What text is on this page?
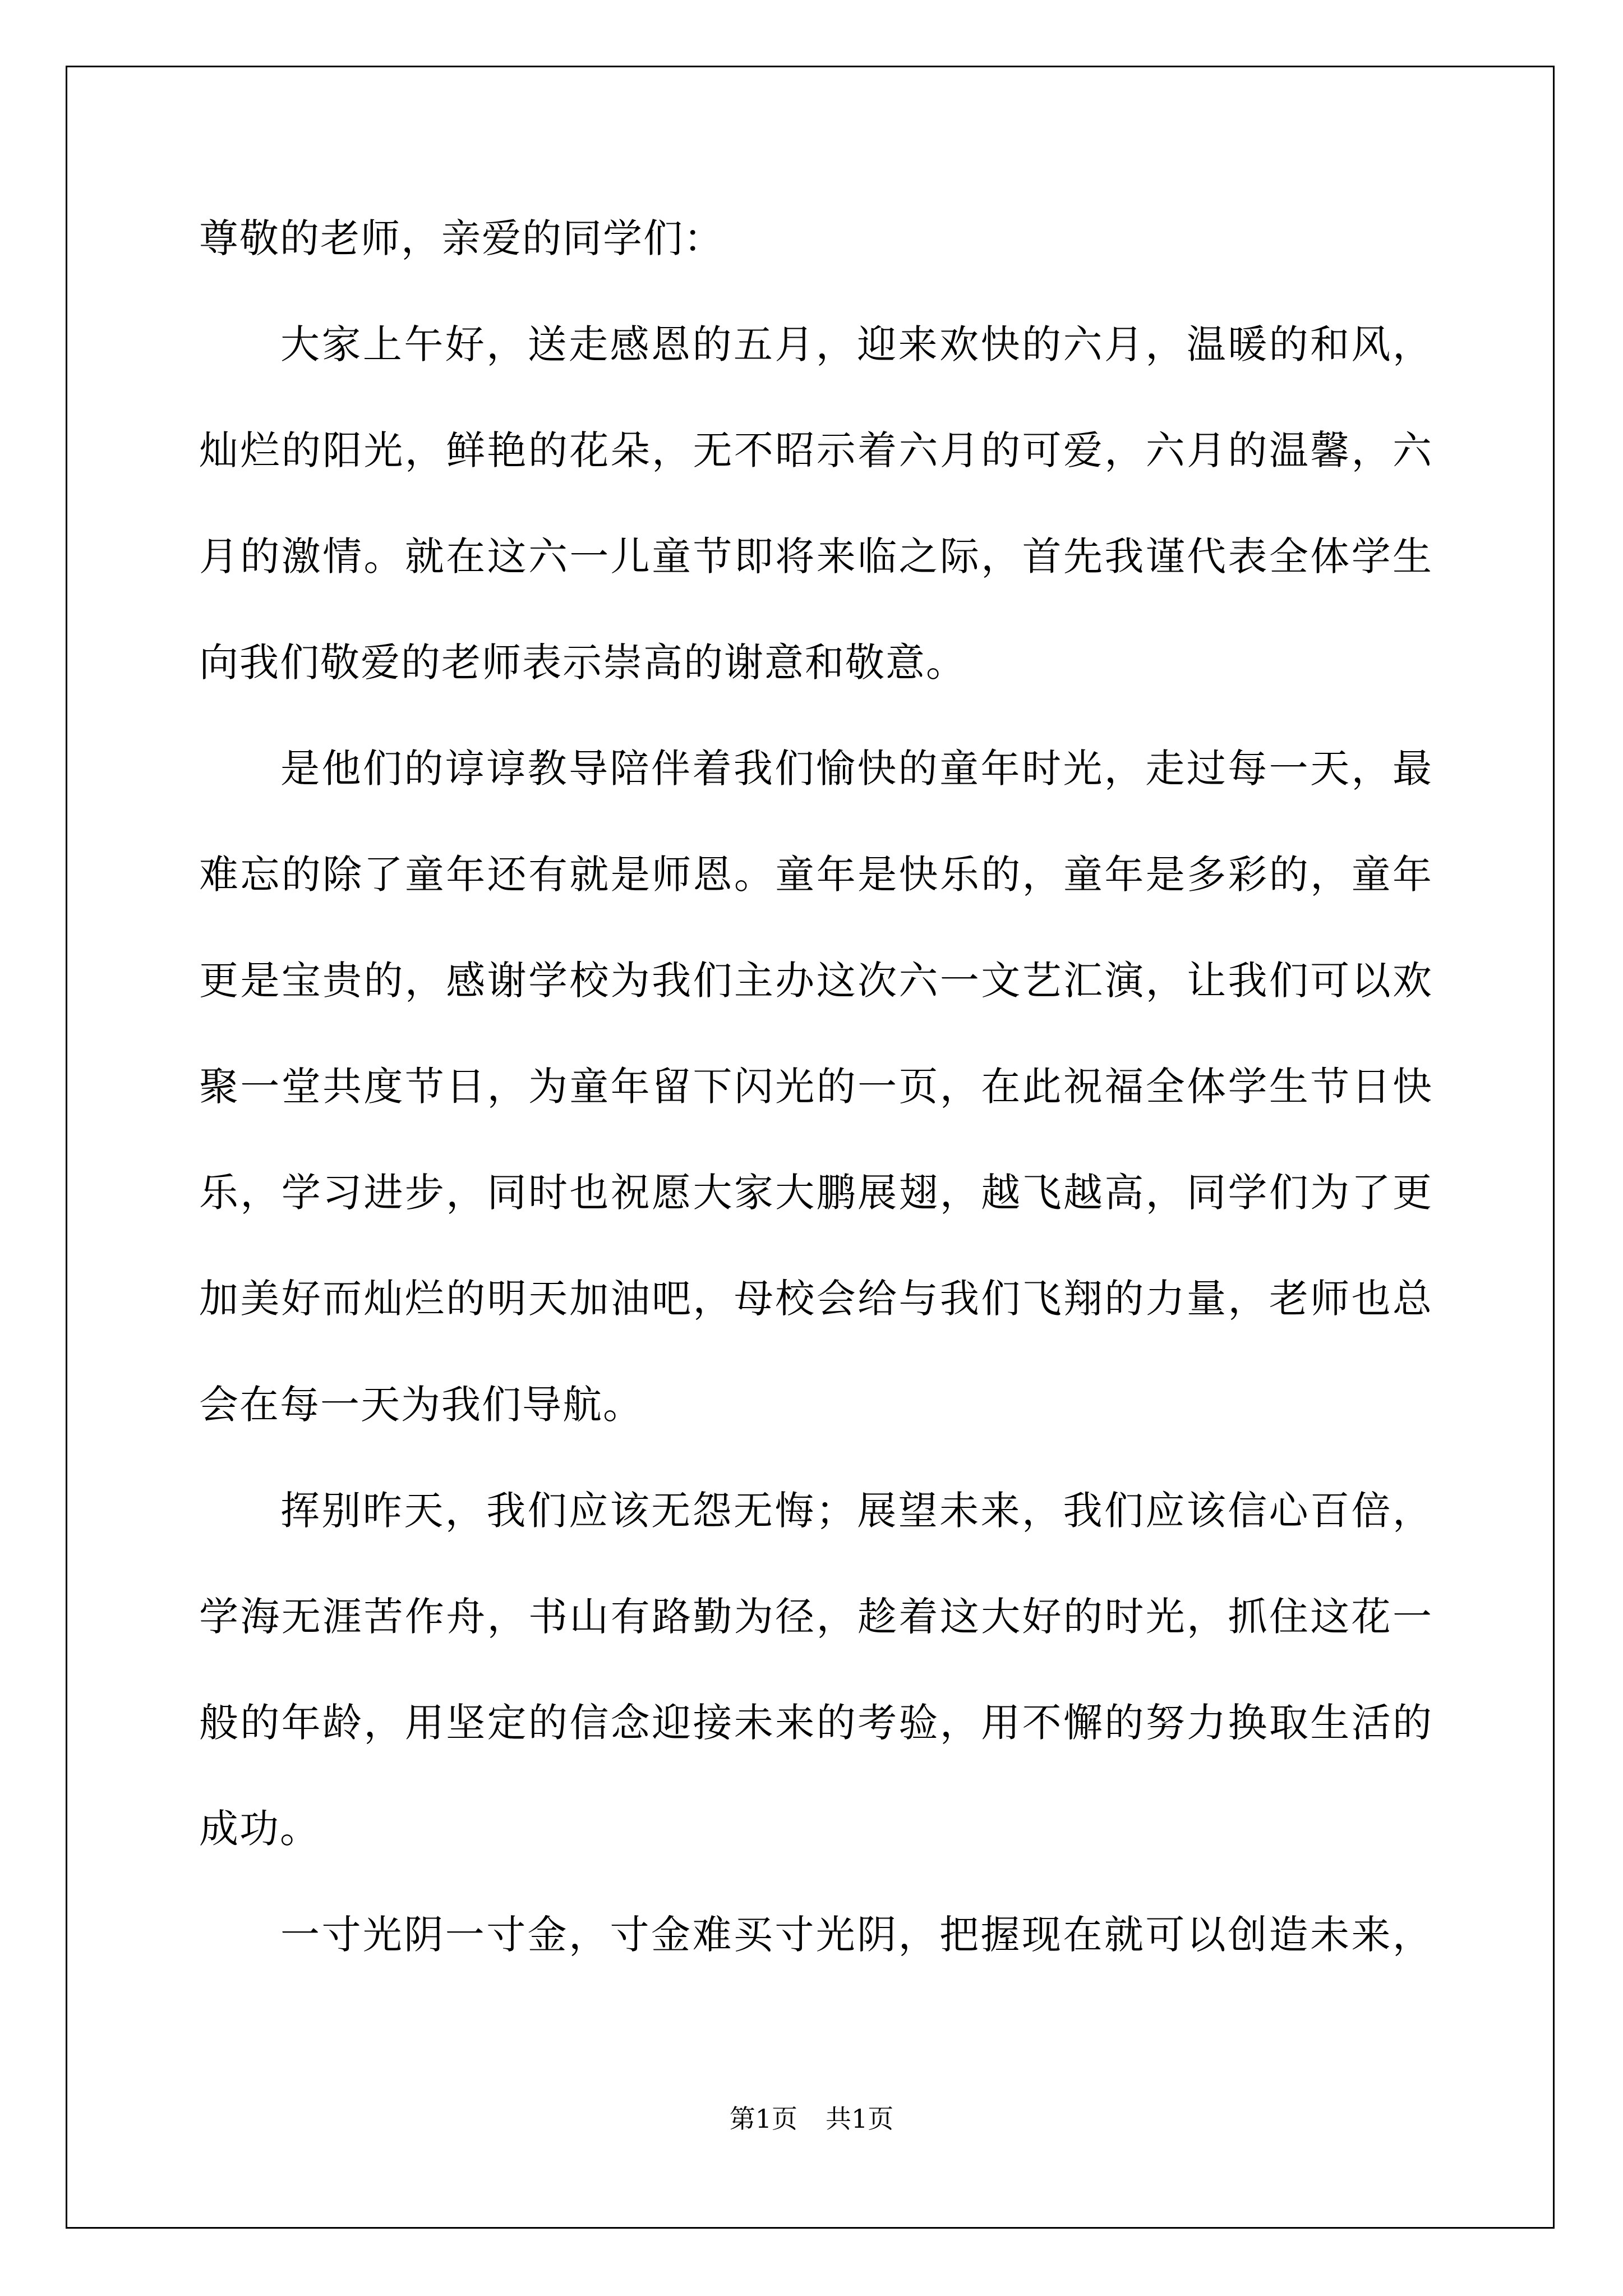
尊敬的老师，亲爱的同学们：
大家上午好，送走感恩的五月，迎来欢快的六月，温暖的和风，
灿烂的阳光，鲜艳的花朵，无不昭示着六月的可爱，六月的温馨，六
月的激情。就在这六一儿童节即将来临之际，首先我谨代表全体学生
向我们敬爱的老师表示崇高的谢意和敬意。
是他们的谆谆教导陪伴着我们愉快的童年时光，走过每一天，最
难忘的除了童年还有就是师恩。童年是快乐的，童年是多彩的，童年
更是宝贵的，感谢学校为我们主办这次六一文艺汇演，让我们可以欢
聚一堂共度节日，为童年留下闪光的一页，在此祝福全体学生节日快
乐，学习进步，同时也祝愿大家大鹏展翅，越飞越高，同学们为了更
加美好而灿烂的明天加油吧，母校会给与我们飞翔的力量，老师也总
会在每一天为我们导航。
挥别昨天，我们应该无怨无悔；展望未来，我们应该信心百倍，
学海无涯苦作舟，书山有路勤为径，趁着这大好的时光，抓住这花一
般的年龄，用坚定的信念迎接未来的考验，用不懈的努力换取生活的
成功。
一寸光阴一寸金，寸金难买寸光阴，把握现在就可以创造未来，
第1页 共1页
